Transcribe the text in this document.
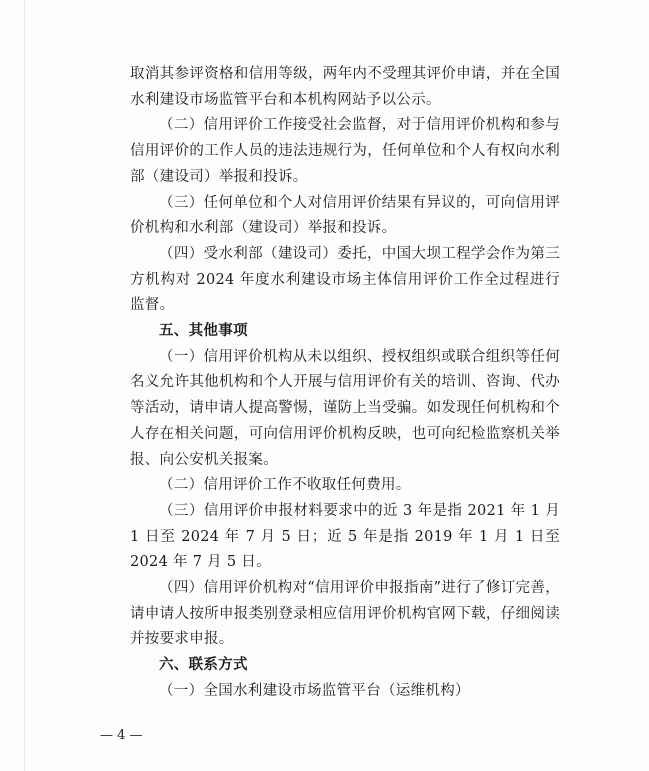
取消其参评资格和信用等级，两年内不受理其评价申请，并在全国水利建设市场监管平台和本机构网站予以公示。

（二）信用评价工作接受社会监督，对于信用评价机构和参与信用评价的工作人员的违法违规行为，任何单位和个人有权向水利部（建设司）举报和投诉。

（三）任何单位和个人对信用评价结果有异议的，可向信用评价机构和水利部（建设司）举报和投诉。

（四）受水利部（建设司）委托，中国大坝工程学会作为第三方机构对 2024 年度水利建设市场主体信用评价工作全过程进行监督。

五、其他事项

（一）信用评价机构从未以组织、授权组织或联合组织等任何名义允许其他机构和个人开展与信用评价有关的培训、咨询、代办等活动，请申请人提高警惕，谨防上当受骗。如发现任何机构和个人存在相关问题，可向信用评价机构反映，也可向纪检监察机关举报、向公安机关报案。

（二）信用评价工作不收取任何费用。

（三）信用评价申报材料要求中的近 3 年是指 2021 年 1 月 1 日至 2024 年 7 月 5 日；近 5 年是指 2019 年 1 月 1 日至 2024 年 7 月 5 日。

（四）信用评价机构对“信用评价申报指南”进行了修订完善，请申请人按所申报类别登录相应信用评价机构官网下载，仔细阅读并按要求申报。

六、联系方式

（一）全国水利建设市场监管平台（运维机构）

— 4 —
